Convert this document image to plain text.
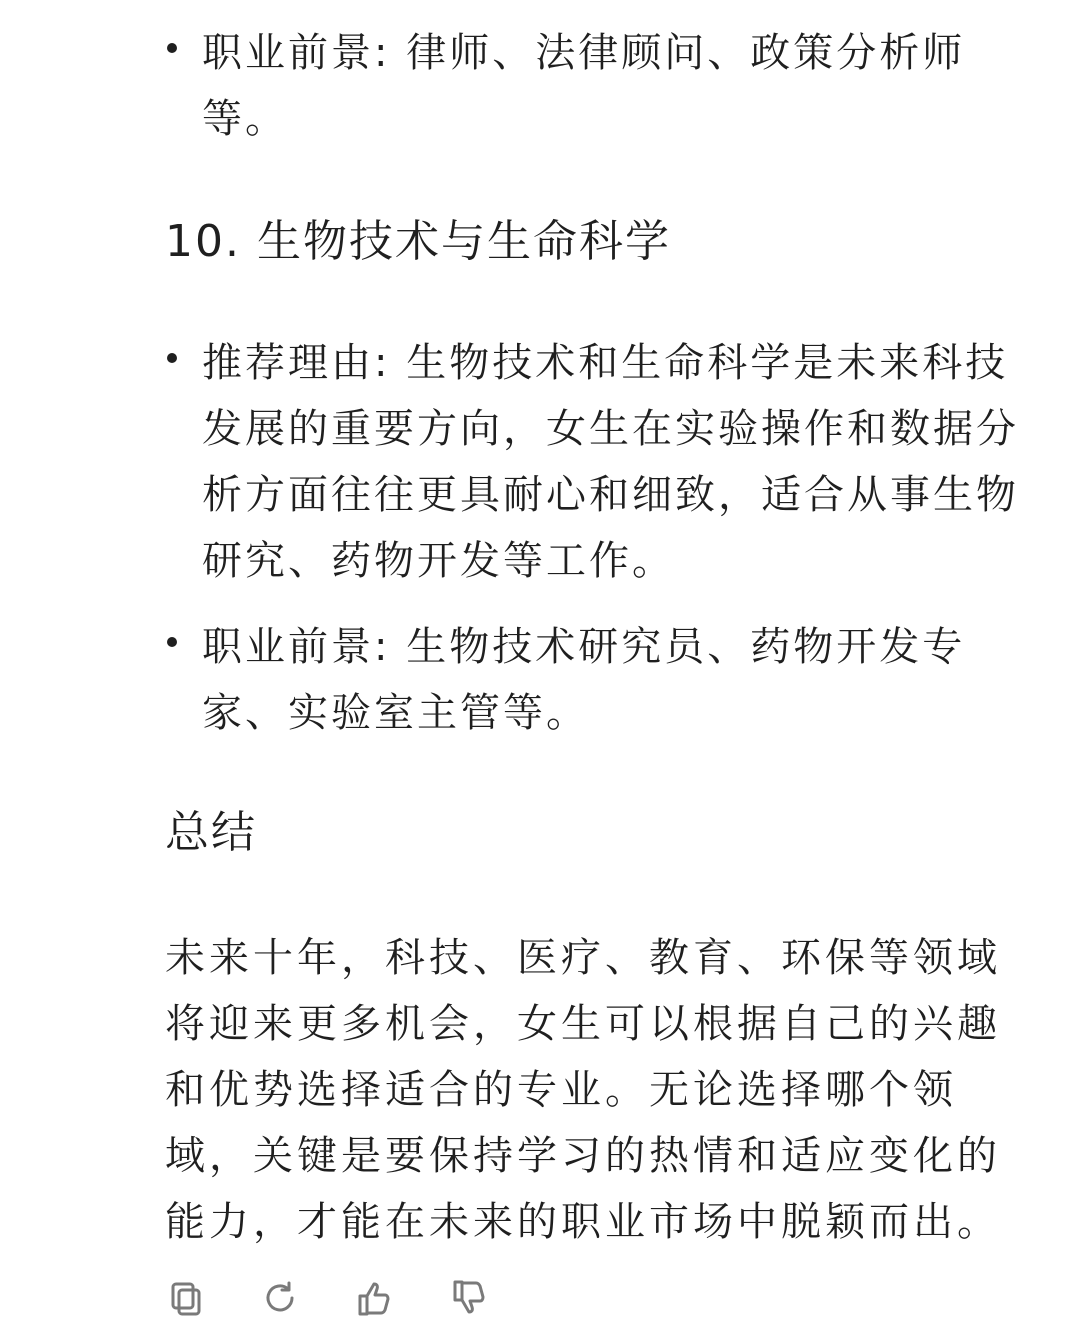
职业前景: 律师、法律顾问、政策分析师等。
10. 生物技术与生命科学
推荐理由: 生物技术和生命科学是未来科技发展的重要方向，女生在实验操作和数据分析方面往往更具耐心和细致，适合从事生物研究、药物开发等工作。
职业前景: 生物技术研究员、药物开发专家、实验室主管等。
总结

未来十年，科技、医疗、教育、环保等领域将迎来更多机会，女生可以根据自己的兴趣和优势选择适合的专业。无论选择哪个领域，关键是要保持学习的热情和适应变化的能力，才能在未来的职业市场中脱颖而出。
